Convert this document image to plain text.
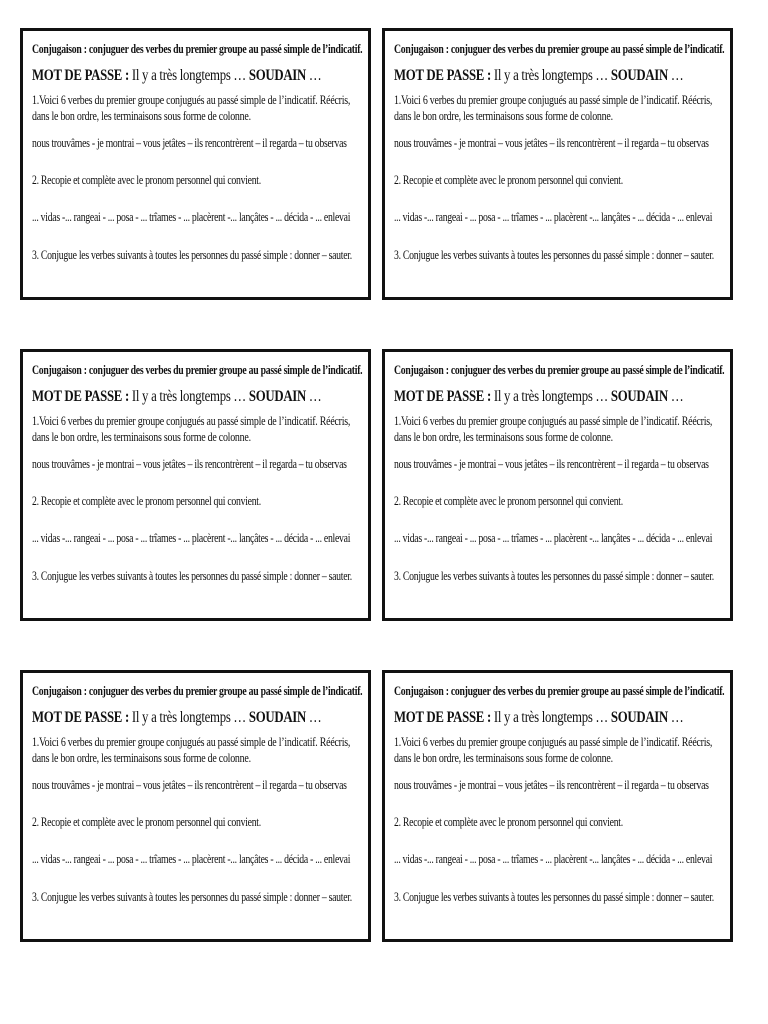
Conjugaison : conjuguer des verbes du premier groupe au passé simple de l’indicatif.
MOT DE PASSE : Il y a très longtemps … SOUDAIN …
1.Voici 6 verbes du premier groupe conjugués au passé simple de l’indicatif. Réécris, dans le bon ordre, les terminaisons sous forme de colonne.
nous trouvâmes - je montrai – vous jetâtes – ils rencontrèrent – il regarda – tu observas
2. Recopie et complète avec le pronom personnel qui convient.
... vidas -... rangeai - ... posa - ... trîames - ... placèrent -... lançâtes - ... décida - ... enlevai
3. Conjugue les verbes suivants à toutes les personnes du passé simple : donner – sauter.
Conjugaison : conjuguer des verbes du premier groupe au passé simple de l’indicatif.
MOT DE PASSE : Il y a très longtemps … SOUDAIN …
1.Voici 6 verbes du premier groupe conjugués au passé simple de l’indicatif. Réécris, dans le bon ordre, les terminaisons sous forme de colonne.
nous trouvâmes - je montrai – vous jetâtes – ils rencontrèrent – il regarda – tu observas
2. Recopie et complète avec le pronom personnel qui convient.
... vidas -... rangeai - ... posa - ... trîames - ... placèrent -... lançâtes - ... décida - ... enlevai
3. Conjugue les verbes suivants à toutes les personnes du passé simple : donner – sauter.
Conjugaison : conjuguer des verbes du premier groupe au passé simple de l’indicatif.
MOT DE PASSE : Il y a très longtemps … SOUDAIN …
1.Voici 6 verbes du premier groupe conjugués au passé simple de l’indicatif. Réécris, dans le bon ordre, les terminaisons sous forme de colonne.
nous trouvâmes - je montrai – vous jetâtes – ils rencontrèrent – il regarda – tu observas
2. Recopie et complète avec le pronom personnel qui convient.
... vidas -... rangeai - ... posa - ... trîames - ... placèrent -... lançâtes - ... décida - ... enlevai
3. Conjugue les verbes suivants à toutes les personnes du passé simple : donner – sauter.
Conjugaison : conjuguer des verbes du premier groupe au passé simple de l’indicatif.
MOT DE PASSE : Il y a très longtemps … SOUDAIN …
1.Voici 6 verbes du premier groupe conjugués au passé simple de l’indicatif. Réécris, dans le bon ordre, les terminaisons sous forme de colonne.
nous trouvâmes - je montrai – vous jetâtes – ils rencontrèrent – il regarda – tu observas
2. Recopie et complète avec le pronom personnel qui convient.
... vidas -... rangeai - ... posa - ... trîames - ... placèrent -... lançâtes - ... décida - ... enlevai
3. Conjugue les verbes suivants à toutes les personnes du passé simple : donner – sauter.
Conjugaison : conjuguer des verbes du premier groupe au passé simple de l’indicatif.
MOT DE PASSE : Il y a très longtemps … SOUDAIN …
1.Voici 6 verbes du premier groupe conjugués au passé simple de l’indicatif. Réécris, dans le bon ordre, les terminaisons sous forme de colonne.
nous trouvâmes - je montrai – vous jetâtes – ils rencontrèrent – il regarda – tu observas
2. Recopie et complète avec le pronom personnel qui convient.
... vidas -... rangeai - ... posa - ... trîames - ... placèrent -... lançâtes - ... décida - ... enlevai
3. Conjugue les verbes suivants à toutes les personnes du passé simple : donner – sauter.
Conjugaison : conjuguer des verbes du premier groupe au passé simple de l’indicatif.
MOT DE PASSE : Il y a très longtemps … SOUDAIN …
1.Voici 6 verbes du premier groupe conjugués au passé simple de l’indicatif. Réécris, dans le bon ordre, les terminaisons sous forme de colonne.
nous trouvâmes - je montrai – vous jetâtes – ils rencontrèrent – il regarda – tu observas
2. Recopie et complète avec le pronom personnel qui convient.
... vidas -... rangeai - ... posa - ... trîames - ... placèrent -... lançâtes - ... décida - ... enlevai
3. Conjugue les verbes suivants à toutes les personnes du passé simple : donner – sauter.
